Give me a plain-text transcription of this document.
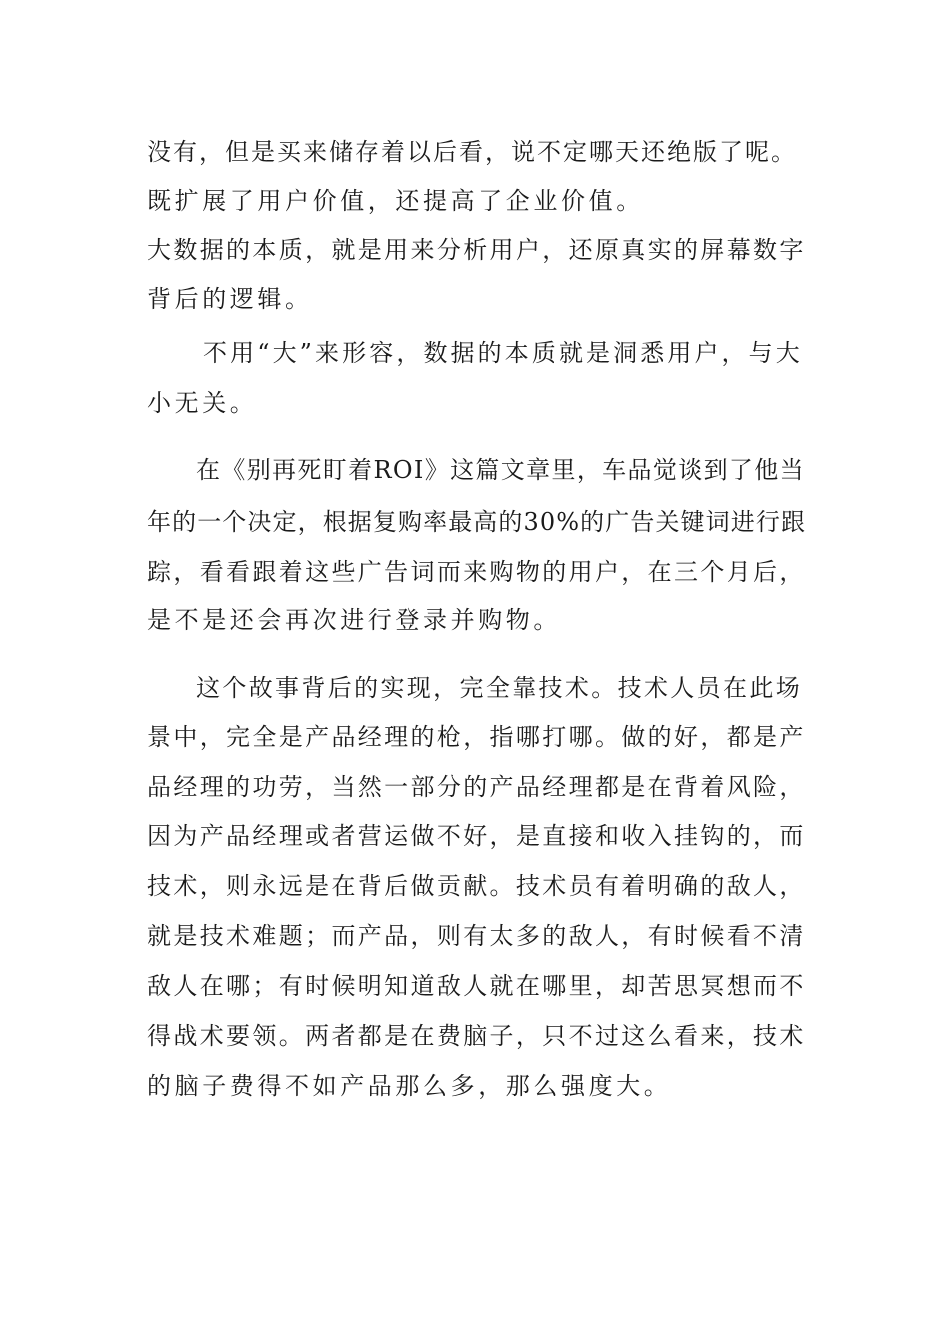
没有，但是买来储存着以后看，说不定哪天还绝版了呢。
既扩展了用户价值，还提高了企业价值。
大数据的本质，就是用来分析用户，还原真实的屏幕数字
背后的逻辑。
不用“大”来形容，数据的本质就是洞悉用户，与大
小无关。
在《别再死盯着ROI》这篇文章里，车品觉谈到了他当
年的一个决定，根据复购率最高的30%的广告关键词进行跟
踪，看看跟着这些广告词而来购物的用户，在三个月后，
是不是还会再次进行登录并购物。
这个故事背后的实现，完全靠技术。技术人员在此场
景中，完全是产品经理的枪，指哪打哪。做的好，都是产
品经理的功劳，当然一部分的产品经理都是在背着风险，
因为产品经理或者营运做不好，是直接和收入挂钩的，而
技术，则永远是在背后做贡献。技术员有着明确的敌人，
就是技术难题；而产品，则有太多的敌人，有时候看不清
敌人在哪；有时候明知道敌人就在哪里，却苦思冥想而不
得战术要领。两者都是在费脑子，只不过这么看来，技术
的脑子费得不如产品那么多，那么强度大。
